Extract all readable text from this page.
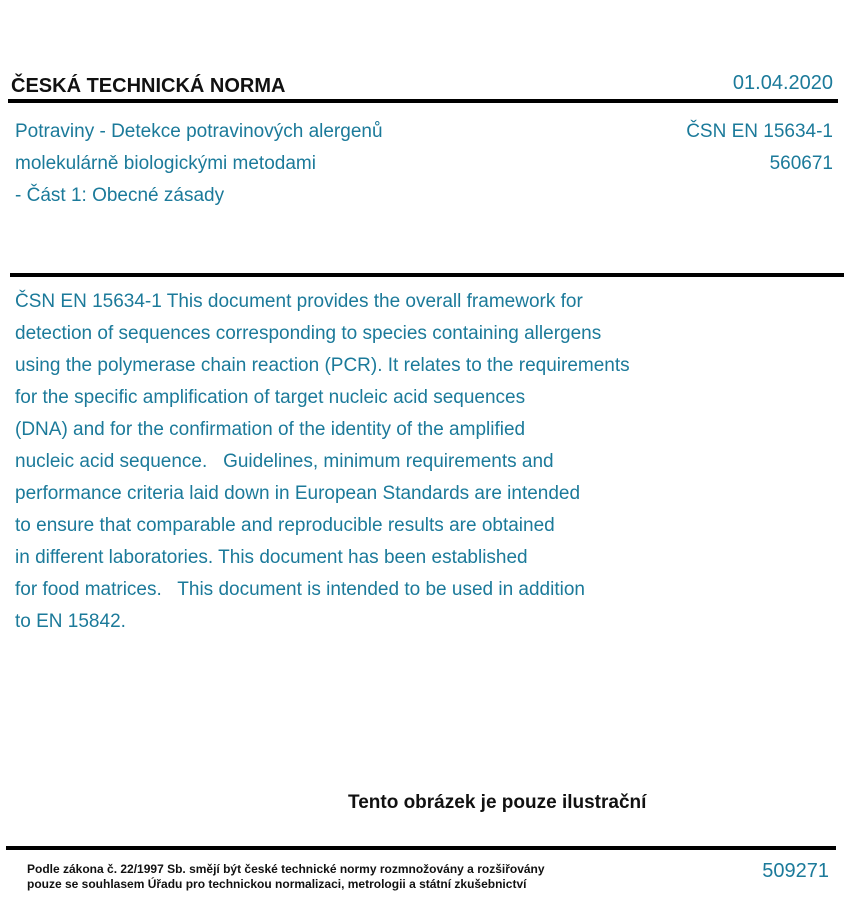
ČESKÁ TECHNICKÁ NORMA	01.04.2020
Potraviny - Detekce potravinových alergenů
molekulárně biologickými metodami
- Část 1: Obecné zásady
ČSN EN 15634-1
560671
ČSN EN 15634-1 This document provides the overall framework for
detection of sequences corresponding to species containing allergens
using the polymerase chain reaction (PCR). It relates to the requirements
for the specific amplification of target nucleic acid sequences
(DNA) and for the confirmation of the identity of the amplified
nucleic acid sequence.   Guidelines, minimum requirements and
performance criteria laid down in European Standards are intended
to ensure that comparable and reproducible results are obtained
in different laboratories. This document has been established
for food matrices.   This document is intended to be used in addition
to EN 15842.
Tento obrázek je pouze ilustrační
Podle zákona č. 22/1997 Sb. smějí být české technické normy rozmnožovány a rozšiřovány
pouze se souhlasem Úřadu pro technickou normalizaci, metrologii a státní zkušebnictví
509271
